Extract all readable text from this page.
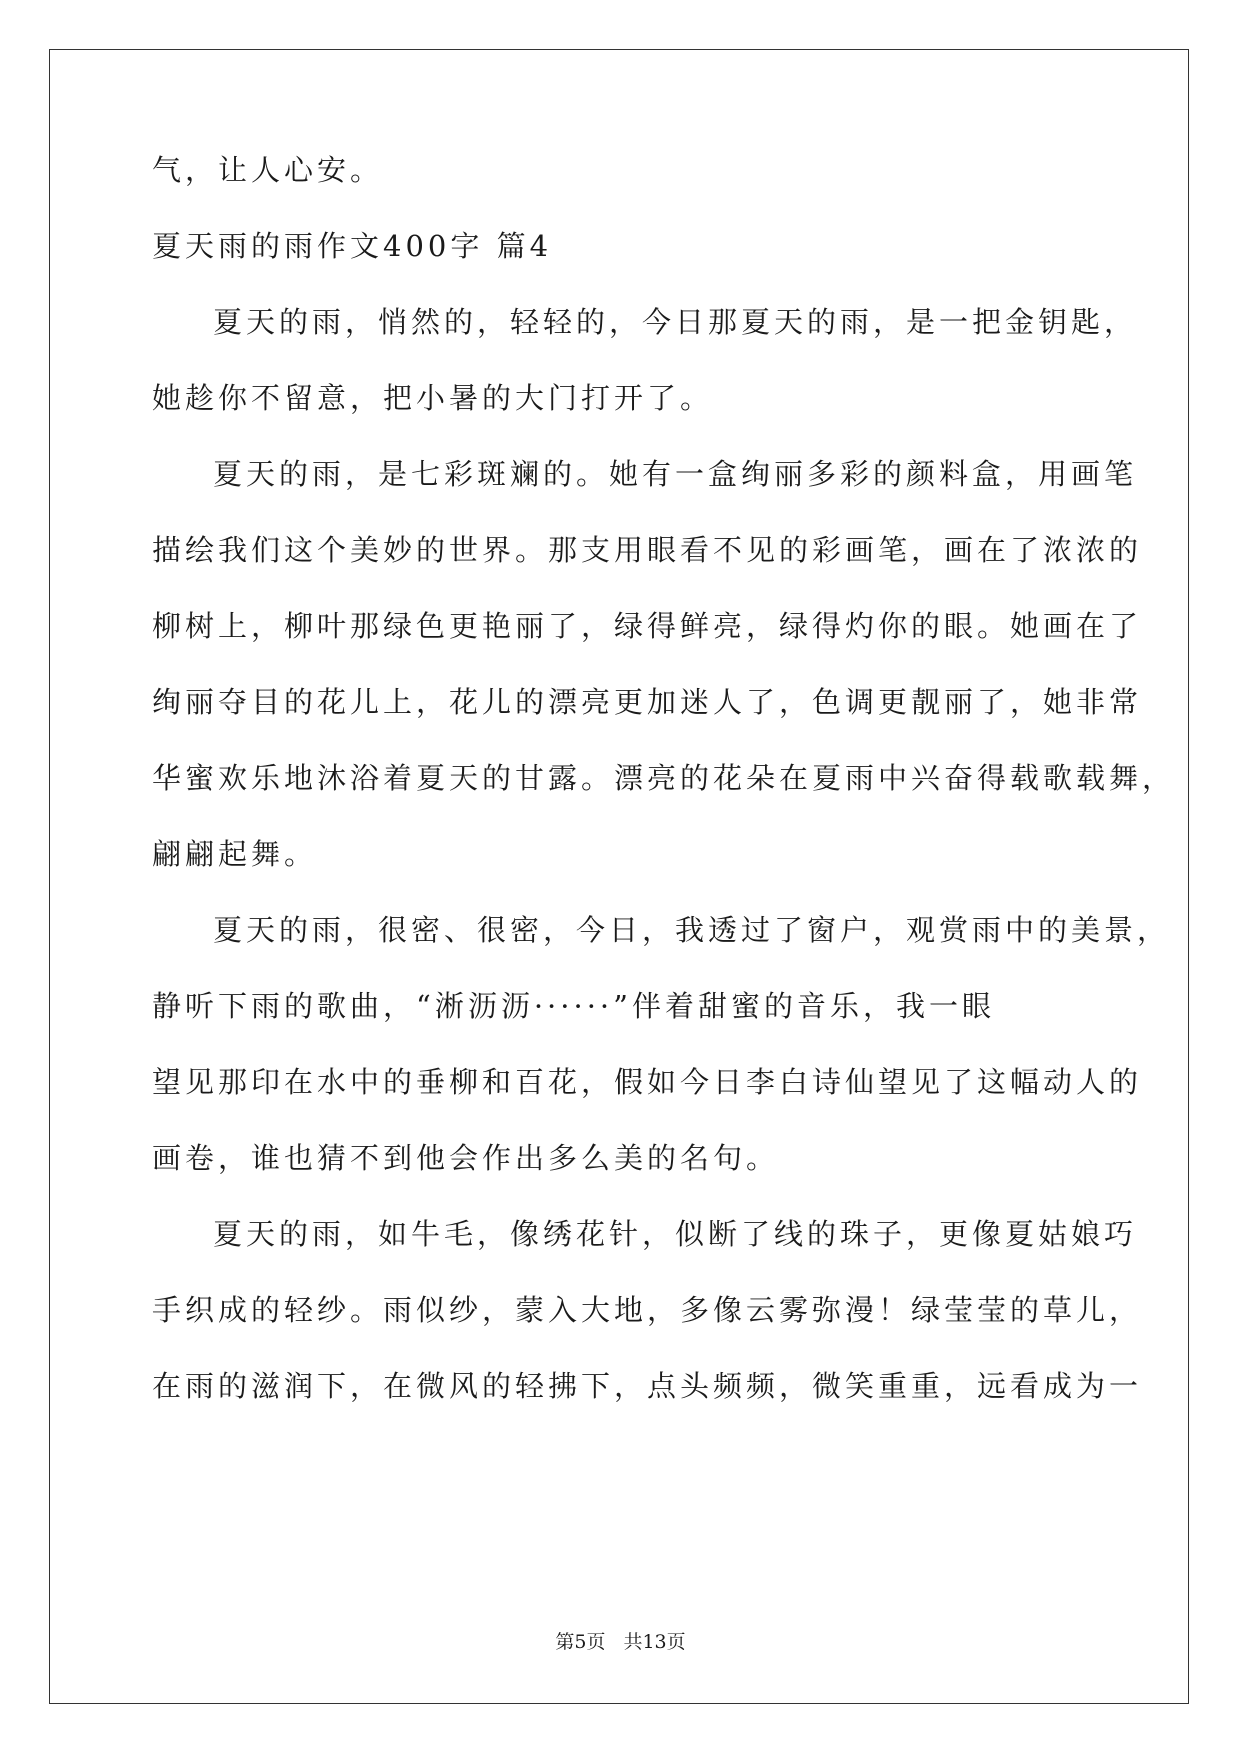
气，让人心安。
夏天雨的雨作文400字 篇4
夏天的雨，悄然的，轻轻的，今日那夏天的雨，是一把金钥匙，
她趁你不留意，把小暑的大门打开了。
夏天的雨，是七彩斑斓的。她有一盒绚丽多彩的颜料盒，用画笔
描绘我们这个美妙的世界。那支用眼看不见的彩画笔，画在了浓浓的
柳树上，柳叶那绿色更艳丽了，绿得鲜亮，绿得灼你的眼。她画在了
绚丽夺目的花儿上，花儿的漂亮更加迷人了，色调更靓丽了，她非常
华蜜欢乐地沐浴着夏天的甘露。漂亮的花朵在夏雨中兴奋得载歌载舞，
翩翩起舞。
夏天的雨，很密、很密，今日，我透过了窗户，观赏雨中的美景，
静听下雨的歌曲，“淅沥沥······”伴着甜蜜的音乐，我一眼
望见那印在水中的垂柳和百花，假如今日李白诗仙望见了这幅动人的
画卷，谁也猜不到他会作出多么美的名句。
夏天的雨，如牛毛，像绣花针，似断了线的珠子，更像夏姑娘巧
手织成的轻纱。雨似纱，蒙入大地，多像云雾弥漫！绿莹莹的草儿，
在雨的滋润下，在微风的轻拂下，点头频频，微笑重重，远看成为一
第5页 共13页
